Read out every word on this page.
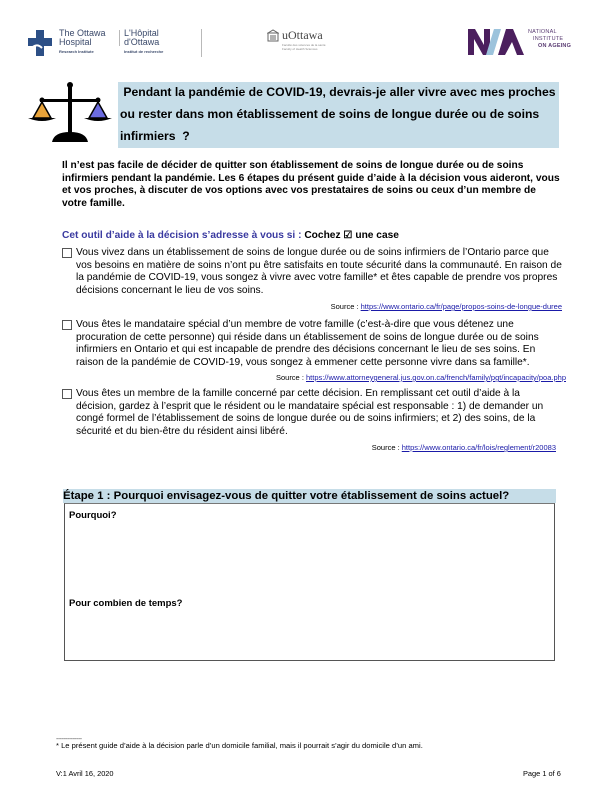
The Ottawa
Hospital
Research Institute
L'Hôpital
d'Ottawa
Institut de recherche
uOttawa
Faculté des sciences de la santé
Faculty of Health Sciences
NATIONAL
INSTITUTE
ON AGEING
Pendant la pandémie de COVID-19, devrais-je aller vivre avec mes proches
ou rester dans mon établissement de soins de longue durée ou de soins
infirmiers  ?
Il n’est pas facile de décider de quitter son établissement de soins de longue durée ou de soins infirmiers pendant la pandémie. Les 6 étapes du présent guide d’aide à la décision vous aideront, vous et vos proches, à discuter de vos options avec vos prestataires de soins ou ceux d’un membre de votre famille.
Cet outil d’aide à la décision s’adresse à vous si : Cochez ☑ une case
Vous vivez dans un établissement de soins de longue durée ou de soins infirmiers de l’Ontario parce que vos besoins en matière de soins n’ont pu être satisfaits en toute sécurité dans la communauté. En raison de la pandémie de COVID-19, vous songez à vivre avec votre famille* et êtes capable de prendre vos propres décisions concernant le lieu de vos soins.
Source : https://www.ontario.ca/fr/page/propos-soins-de-longue-duree
Vous êtes le mandataire spécial d’un membre de votre famille (c’est-à-dire que vous détenez une procuration de cette personne) qui réside dans un établissement de soins de longue durée ou de soins infirmiers en Ontario et qui est incapable de prendre des décisions concernant le lieu de ses soins. En raison de la pandémie de COVID-19, vous songez à emmener cette personne vivre dans sa famille*.
Source : https://www.attorneygeneral.jus.gov.on.ca/french/family/pgt/incapacity/poa.php
Vous êtes un membre de la famille concerné par cette décision. En remplissant cet outil d’aide à la décision, gardez à l’esprit que le résident ou le mandataire spécial est responsable : 1) de demander un congé formel de l’établissement de soins de longue durée ou de soins infirmiers; et 2) des soins, de la sécurité et du bien-être du résident ainsi libéré.
Source : https://www.ontario.ca/fr/lois/reglement/r20083
Étape 1 : Pourquoi envisagez-vous de quitter votre établissement de soins actuel?
Pourquoi?
Pour combien de temps?
--------------
* Le présent guide d’aide à la décision parle d’un domicile familial, mais il pourrait s’agir du domicile d’un ami.
V:1 Avril 16, 2020	Page 1 of 6
